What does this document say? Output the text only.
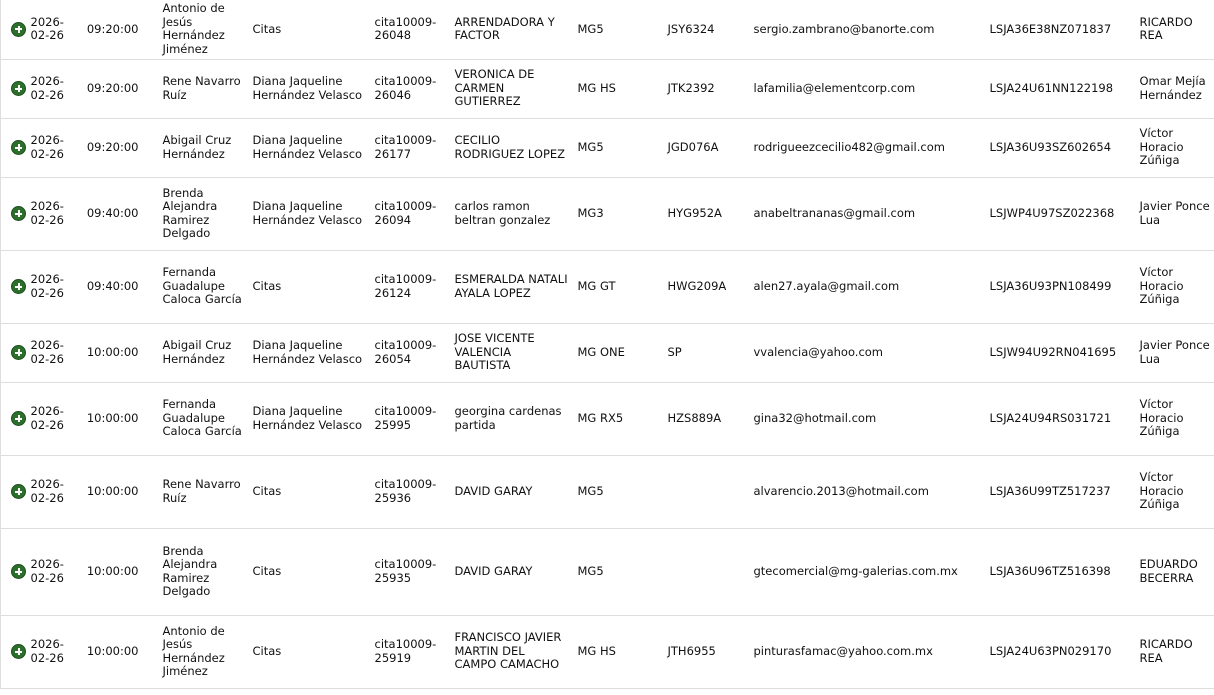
	2026-02-26	09:20:00	Antonio de Jesús Hernández Jiménez	Citas	cita10009-26048	ARRENDADORA Y FACTOR	MG5	JSY6324	sergio.zambrano@banorte.com	LSJA36E38NZ071837	RICARDO REA
	2026-02-26	09:20:00	Rene Navarro Ruíz	Diana Jaqueline Hernández Velasco	cita10009-26046	VERONICA DE CARMEN GUTIERREZ	MG HS	JTK2392	lafamilia@elementcorp.com	LSJA24U61NN122198	Omar Mejía Hernández
	2026-02-26	09:20:00	Abigail Cruz Hernández	Diana Jaqueline Hernández Velasco	cita10009-26177	CECILIO RODRIGUEZ LOPEZ	MG5	JGD076A	rodrigueezcecilio482@gmail.com	LSJA36U93SZ602654	Víctor Horacio Zúñiga
	2026-02-26	09:40:00	Brenda Alejandra Ramirez Delgado	Diana Jaqueline Hernández Velasco	cita10009-26094	carlos ramon beltran gonzalez	MG3	HYG952A	anabeltrananas@gmail.com	LSJWP4U97SZ022368	Javier Ponce Lua
	2026-02-26	09:40:00	Fernanda Guadalupe Caloca García	Citas	cita10009-26124	ESMERALDA NATALI AYALA LOPEZ	MG GT	HWG209A	alen27.ayala@gmail.com	LSJA36U93PN108499	Víctor Horacio Zúñiga
	2026-02-26	10:00:00	Abigail Cruz Hernández	Diana Jaqueline Hernández Velasco	cita10009-26054	JOSE VICENTE VALENCIA BAUTISTA	MG ONE	SP	vvalencia@yahoo.com	LSJW94U92RN041695	Javier Ponce Lua
	2026-02-26	10:00:00	Fernanda Guadalupe Caloca García	Diana Jaqueline Hernández Velasco	cita10009-25995	georgina cardenas partida	MG RX5	HZS889A	gina32@hotmail.com	LSJA24U94RS031721	Víctor Horacio Zúñiga
	2026-02-26	10:00:00	Rene Navarro Ruíz	Citas	cita10009-25936	DAVID GARAY	MG5		alvarencio.2013@hotmail.com	LSJA36U99TZ517237	Víctor Horacio Zúñiga
	2026-02-26	10:00:00	Brenda Alejandra Ramirez Delgado	Citas	cita10009-25935	DAVID GARAY	MG5		gtecomercial@mg-galerias.com.mx	LSJA36U96TZ516398	EDUARDO BECERRA
	2026-02-26	10:00:00	Antonio de Jesús Hernández Jiménez	Citas	cita10009-25919	FRANCISCO JAVIER MARTIN DEL CAMPO CAMACHO	MG HS	JTH6955	pinturasfamac@yahoo.com.mx	LSJA24U63PN029170	RICARDO REA
